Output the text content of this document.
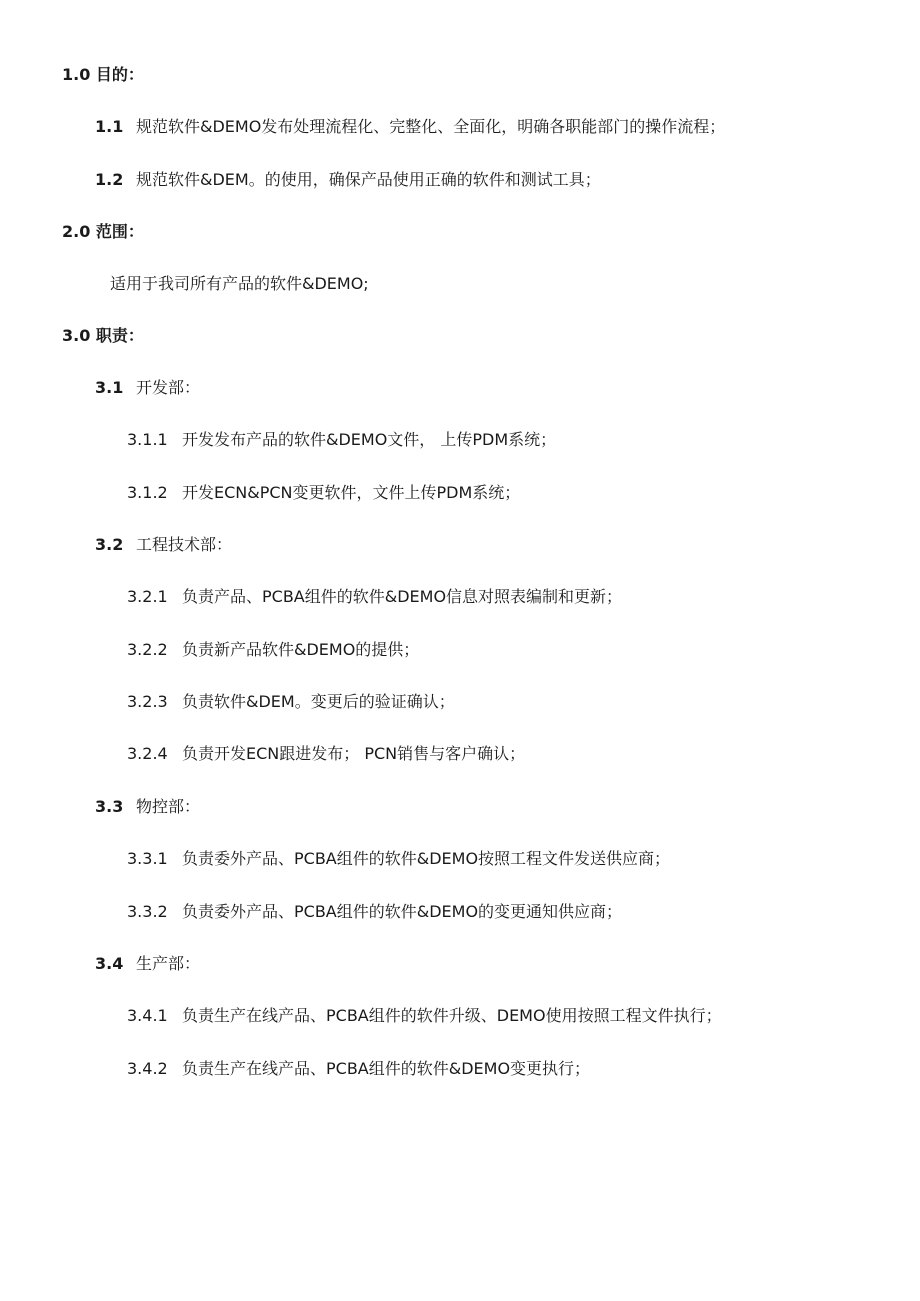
1.0 目的：
1.1 规范软件&DEMO发布处理流程化、完整化、全面化，明确各职能部门的操作流程；
1.2 规范软件&DEM。的使用，确保产品使用正确的软件和测试工具；
2.0 范围：
适用于我司所有产品的软件&DEMO;
3.0 职责：
3.1 开发部：
3.1.1 开发发布产品的软件&DEMO文件， 上传PDM系统；
3.1.2 开发ECN&PCN变更软件，文件上传PDM系统；
3.2 工程技术部：
3.2.1 负责产品、PCBA组件的软件&DEMO信息对照表编制和更新；
3.2.2 负责新产品软件&DEMO的提供；
3.2.3 负责软件&DEM。变更后的验证确认；
3.2.4 负责开发ECN跟进发布； PCN销售与客户确认；
3.3 物控部：
3.3.1 负责委外产品、PCBA组件的软件&DEMO按照工程文件发送供应商；
3.3.2 负责委外产品、PCBA组件的软件&DEMO的变更通知供应商；
3.4 生产部：
3.4.1 负责生产在线产品、PCBA组件的软件升级、DEMO使用按照工程文件执行；
3.4.2 负责生产在线产品、PCBA组件的软件&DEMO变更执行；
